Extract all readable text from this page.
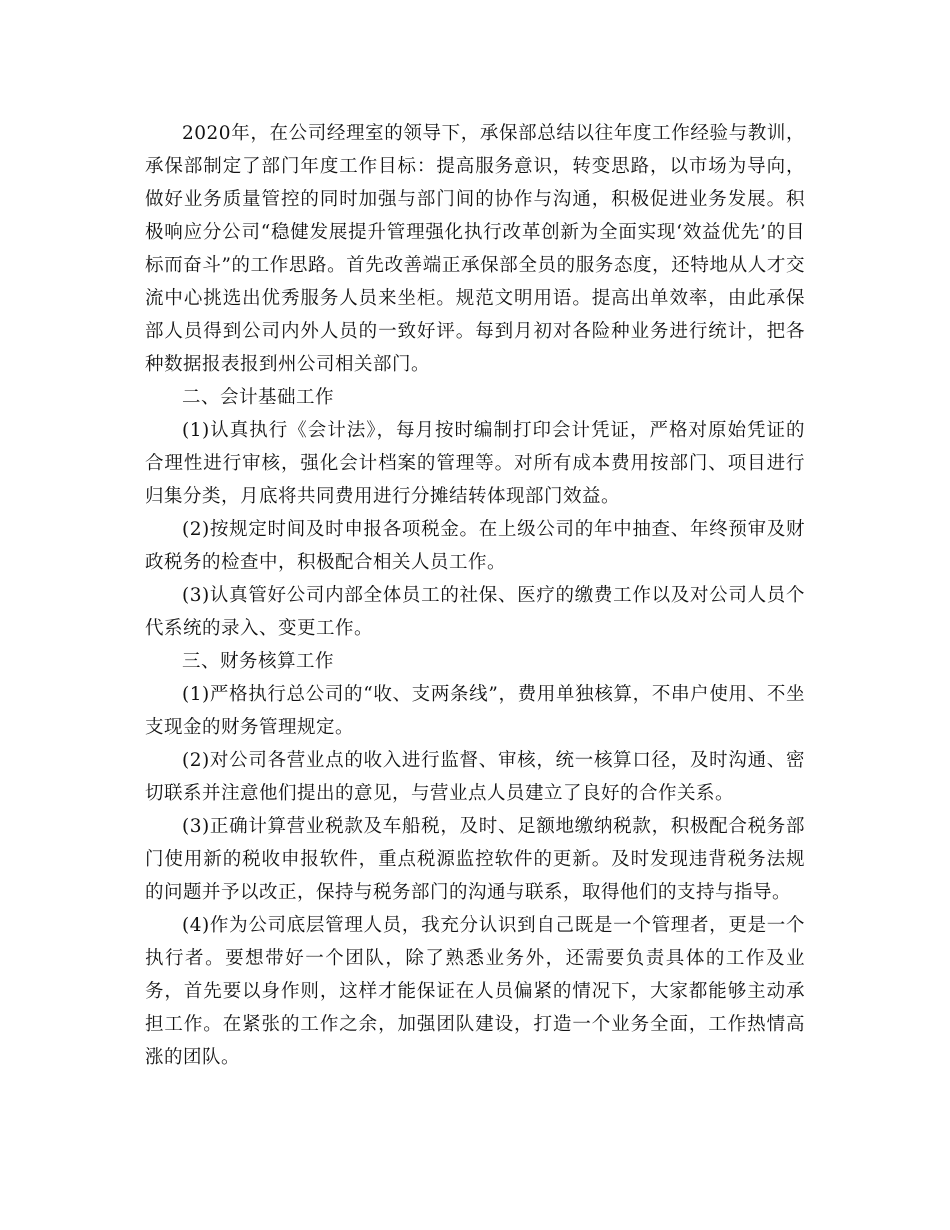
2020年，在公司经理室的领导下，承保部总结以往年度工作经验与教训，承保部制定了部门年度工作目标：提高服务意识，转变思路，以市场为导向，做好业务质量管控的同时加强与部门间的协作与沟通，积极促进业务发展。积极响应分公司“稳健发展提升管理强化执行改革创新为全面实现‘效益优先’的目标而奋斗”的工作思路。首先改善端正承保部全员的服务态度，还特地从人才交流中心挑选出优秀服务人员来坐柜。规范文明用语。提高出单效率，由此承保部人员得到公司内外人员的一致好评。每到月初对各险种业务进行统计，把各种数据报表报到州公司相关部门。

二、会计基础工作

(1)认真执行《会计法》，每月按时编制打印会计凭证，严格对原始凭证的合理性进行审核，强化会计档案的管理等。对所有成本费用按部门、项目进行归集分类，月底将共同费用进行分摊结转体现部门效益。

(2)按规定时间及时申报各项税金。在上级公司的年中抽查、年终预审及财政税务的检查中，积极配合相关人员工作。

(3)认真管好公司内部全体员工的社保、医疗的缴费工作以及对公司人员个代系统的录入、变更工作。

三、财务核算工作

(1)严格执行总公司的“收、支两条线”，费用单独核算，不串户使用、不坐支现金的财务管理规定。

(2)对公司各营业点的收入进行监督、审核，统一核算口径，及时沟通、密切联系并注意他们提出的意见，与营业点人员建立了良好的合作关系。

(3)正确计算营业税款及车船税，及时、足额地缴纳税款，积极配合税务部门使用新的税收申报软件，重点税源监控软件的更新。及时发现违背税务法规的问题并予以改正，保持与税务部门的沟通与联系，取得他们的支持与指导。

(4)作为公司底层管理人员，我充分认识到自己既是一个管理者，更是一个执行者。要想带好一个团队，除了熟悉业务外，还需要负责具体的工作及业务，首先要以身作则，这样才能保证在人员偏紧的情况下，大家都能够主动承担工作。在紧张的工作之余，加强团队建设，打造一个业务全面，工作热情高涨的团队。
